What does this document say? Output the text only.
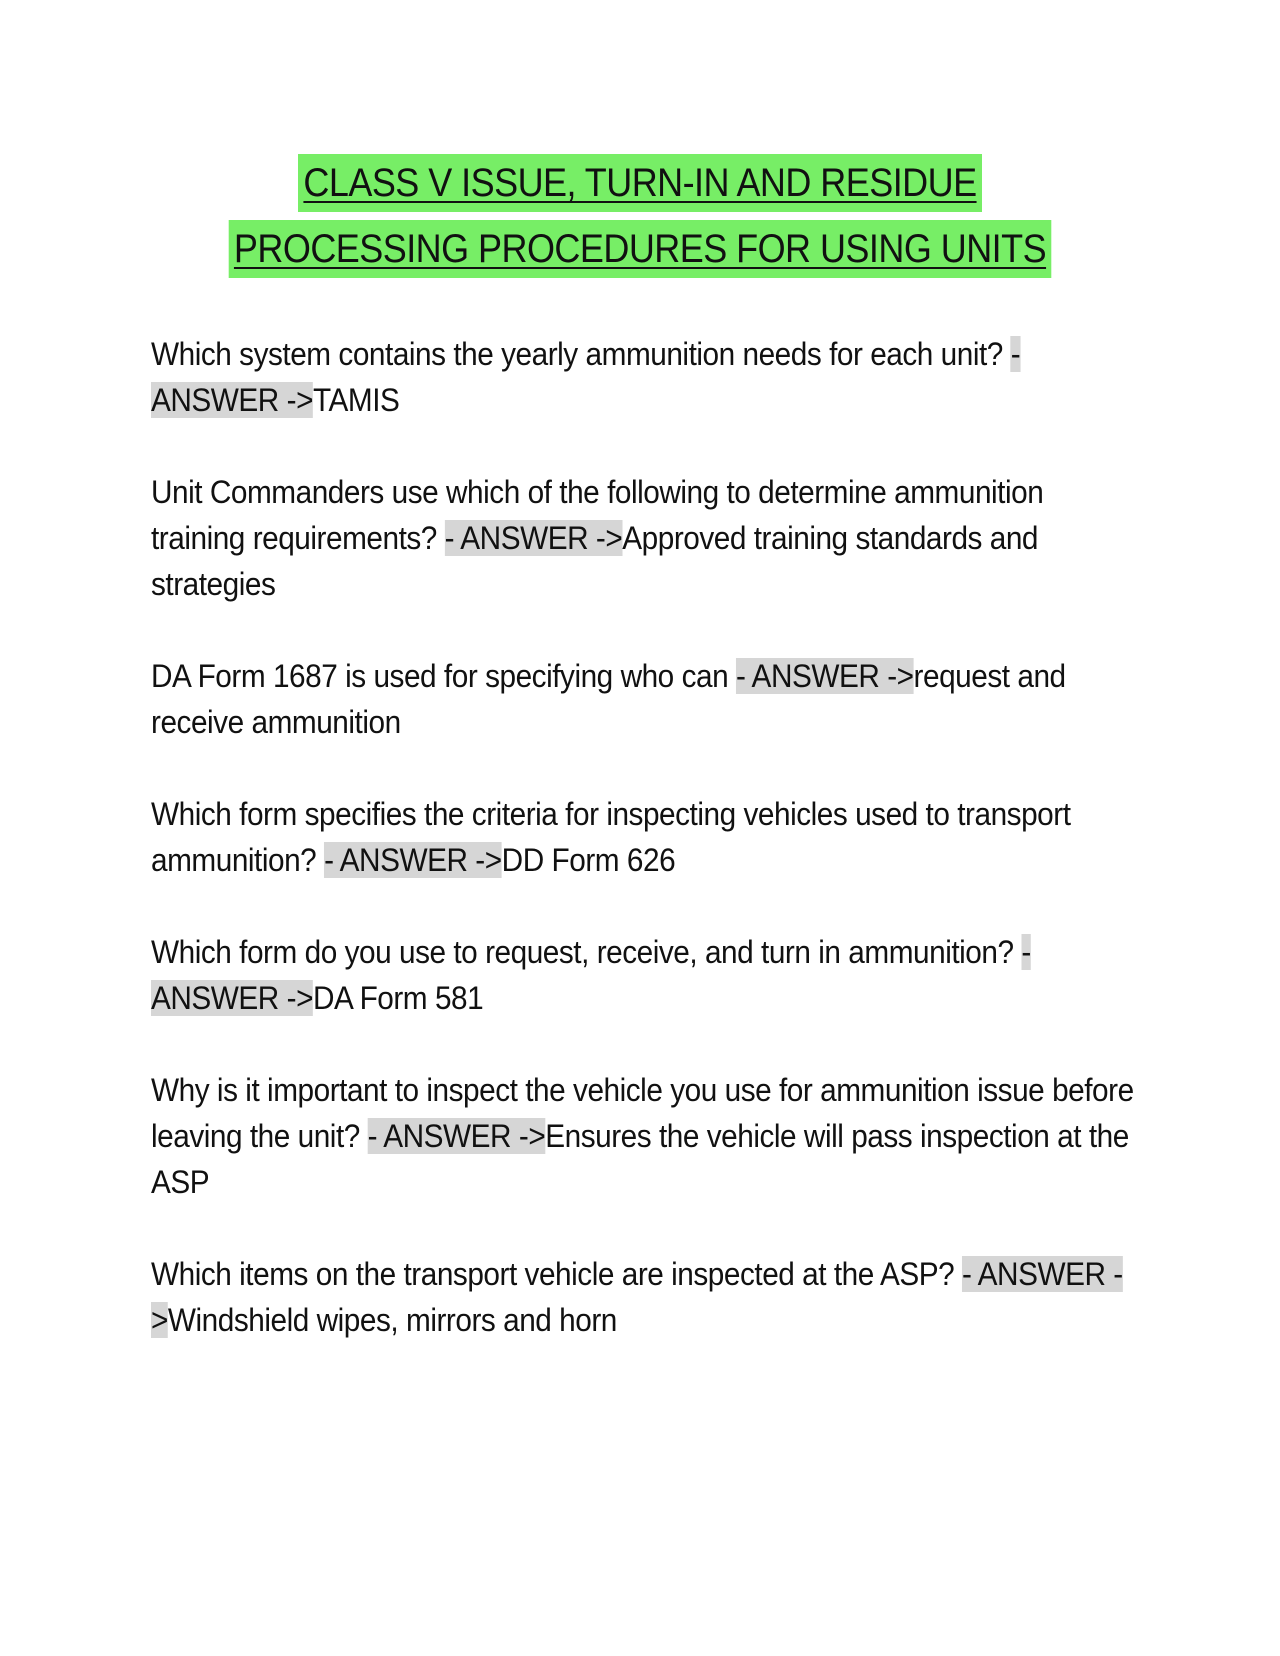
CLASS V ISSUE, TURN-IN AND RESIDUE
PROCESSING PROCEDURES FOR USING UNITS

Which system contains the yearly ammunition needs for each unit? - ANSWER ->TAMIS

Unit Commanders use which of the following to determine ammunition training requirements? - ANSWER ->Approved training standards and strategies

DA Form 1687 is used for specifying who can - ANSWER ->request and receive ammunition

Which form specifies the criteria for inspecting vehicles used to transport ammunition? - ANSWER ->DD Form 626

Which form do you use to request, receive, and turn in ammunition? - ANSWER ->DA Form 581

Why is it important to inspect the vehicle you use for ammunition issue before leaving the unit? - ANSWER ->Ensures the vehicle will pass inspection at the ASP

Which items on the transport vehicle are inspected at the ASP? - ANSWER ->Windshield wipes, mirrors and horn
